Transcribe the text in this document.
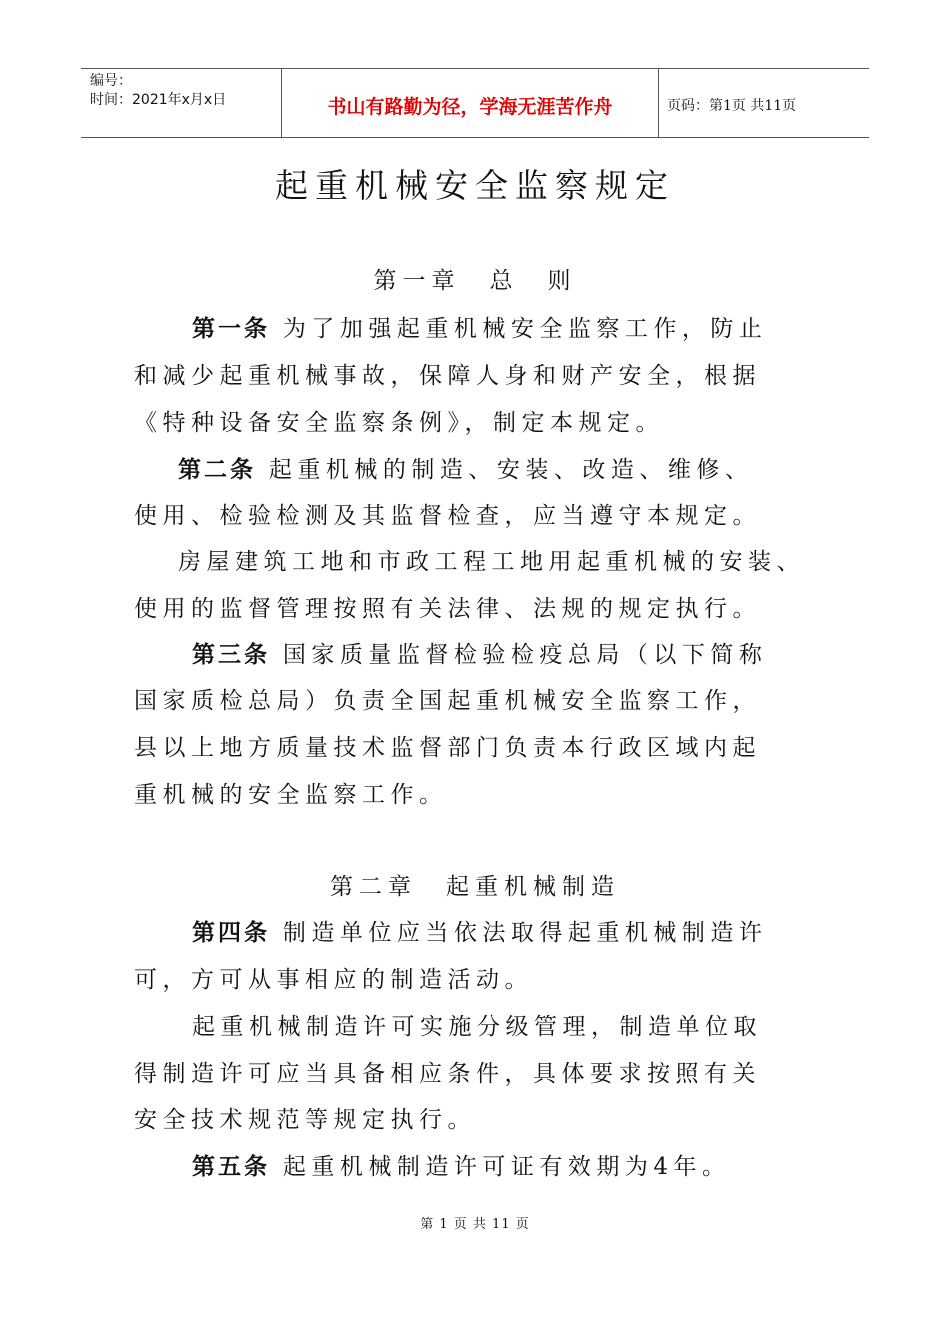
编号：
时间：2021年x月x日	书山有路勤为径，学海无涯苦作舟	页码：第1页 共11页
起重机械安全监察规定
第一章　总　则
第一条 为了加强起重机械安全监察工作，防止
和减少起重机械事故，保障人身和财产安全，根据
《特种设备安全监察条例》，制定本规定。
第二条 起重机械的制造、安装、改造、维修、
使用、检验检测及其监督检查，应当遵守本规定。
房屋建筑工地和市政工程工地用起重机械的安装、
使用的监督管理按照有关法律、法规的规定执行。
第三条 国家质量监督检验检疫总局（以下简称
国家质检总局）负责全国起重机械安全监察工作，
县以上地方质量技术监督部门负责本行政区域内起
重机械的安全监察工作。
第二章　起重机械制造
第四条 制造单位应当依法取得起重机械制造许
可，方可从事相应的制造活动。
起重机械制造许可实施分级管理，制造单位取
得制造许可应当具备相应条件，具体要求按照有关
安全技术规范等规定执行。
第五条 起重机械制造许可证有效期为4年。
第 1 页 共 11 页
